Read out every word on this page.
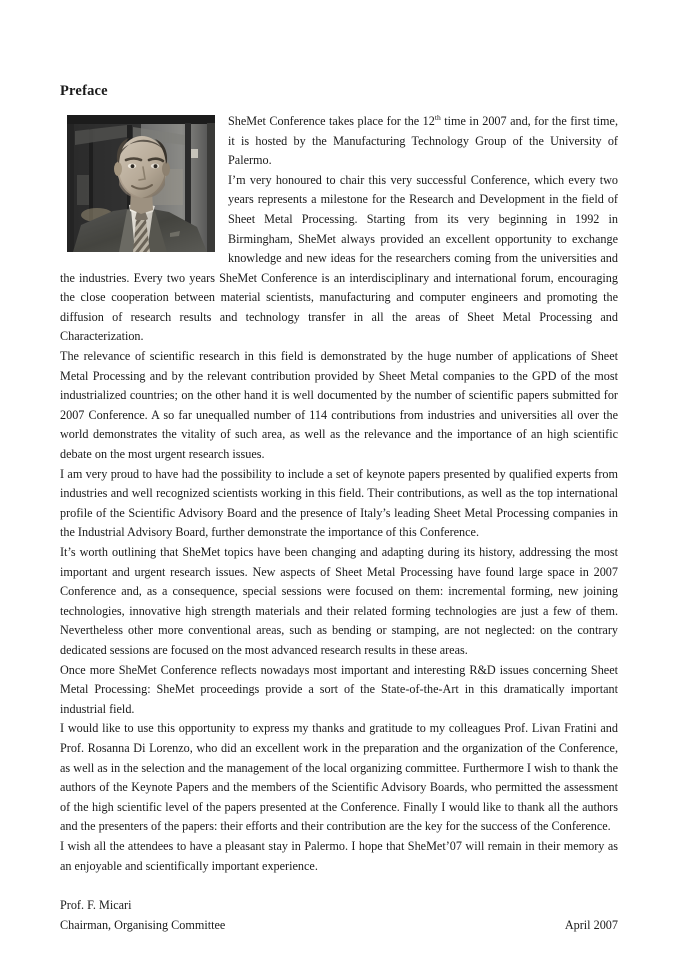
Preface

SheMet Conference takes place for the 12th time in 2007 and, for the first time, it is hosted by the Manufacturing Technology Group of the University of Palermo.

I’m very honoured to chair this very successful Conference, which every two years represents a milestone for the Research and Development in the field of Sheet Metal Processing. Starting from its very beginning in 1992 in Birmingham, SheMet always provided an excellent opportunity to exchange knowledge and new ideas for the researchers coming from the universities and the industries. Every two years SheMet Conference is an interdisciplinary and international forum, encouraging the close cooperation between material scientists, manufacturing and computer engineers and promoting the diffusion of research results and technology transfer in all the areas of Sheet Metal Processing and Characterization.

The relevance of scientific research in this field is demonstrated by the huge number of applications of Sheet Metal Processing and by the relevant contribution provided by Sheet Metal companies to the GPD of the most industrialized countries; on the other hand it is well documented by the number of scientific papers submitted for 2007 Conference. A so far unequalled number of 114 contributions from industries and universities all over the world demonstrates the vitality of such area, as well as the relevance and the importance of an high scientific debate on the most urgent research issues.

I am very proud to have had the possibility to include a set of keynote papers presented by qualified experts from industries and well recognized scientists working in this field. Their contributions, as well as the top international profile of the Scientific Advisory Board and the presence of Italy’s leading Sheet Metal Processing companies in the Industrial Advisory Board, further demonstrate the importance of this Conference.

It’s worth outlining that SheMet topics have been changing and adapting during its history, addressing the most important and urgent research issues. New aspects of Sheet Metal Processing have found large space in 2007 Conference and, as a consequence, special sessions were focused on them: incremental forming, new joining technologies, innovative high strength materials and their related forming technologies are just a few of them. Nevertheless other more conventional areas, such as bending or stamping, are not neglected: on the contrary dedicated sessions are focused on the most advanced research results in these areas.

Once more SheMet Conference reflects nowadays most important and interesting R&D issues concerning Sheet Metal Processing: SheMet proceedings provide a sort of the State-of-the-Art in this dramatically important industrial field.

I would like to use this opportunity to express my thanks and gratitude to my colleagues Prof. Livan Fratini and Prof. Rosanna Di Lorenzo, who did an excellent work in the preparation and the organization of the Conference, as well as in the selection and the management of the local organizing committee. Furthermore I wish to thank the authors of the Keynote Papers and the members of the Scientific Advisory Boards, who permitted the assessment of the high scientific level of the papers presented at the Conference. Finally I would like to thank all the authors and the presenters of the papers: their efforts and their contribution are the key for the success of the Conference.

I wish all the attendees to have a pleasant stay in Palermo. I hope that SheMet’07 will remain in their memory as an enjoyable and scientifically important experience.

Prof. F. Micari
Chairman, Organising Committee	April 2007
